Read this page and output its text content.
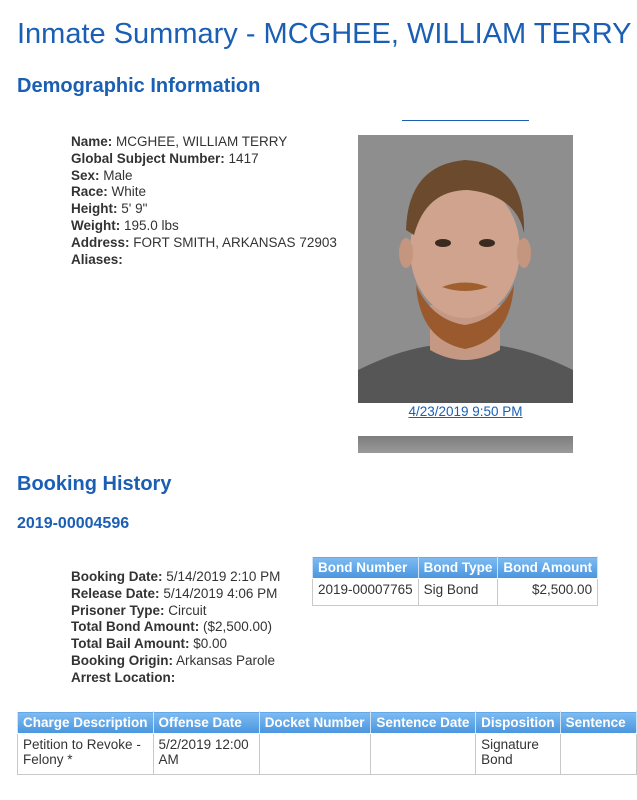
Inmate Summary - MCGHEE, WILLIAM TERRY
Demographic Information
Name: MCGHEE, WILLIAM TERRY
Global Subject Number: 1417
Sex: Male
Race: White
Height: 5' 9"
Weight: 195.0 lbs
Address: FORT SMITH, ARKANSAS 72903
Aliases:
4/23/2019 9:50 PM
Booking History
2019-00004596
Booking Date: 5/14/2019 2:10 PM
Release Date: 5/14/2019 4:06 PM
Prisoner Type: Circuit
Total Bond Amount: ($2,500.00)
Total Bail Amount: $0.00
Booking Origin: Arkansas Parole
Arrest Location:
Bond Number	Bond Type	Bond Amount
2019-00007765	Sig Bond	$2,500.00
Charge Description	Offense Date	Docket Number	Sentence Date	Disposition	Sentence
Petition to Revoke - Felony *	5/2/2019 12:00 AM			Signature Bond	
